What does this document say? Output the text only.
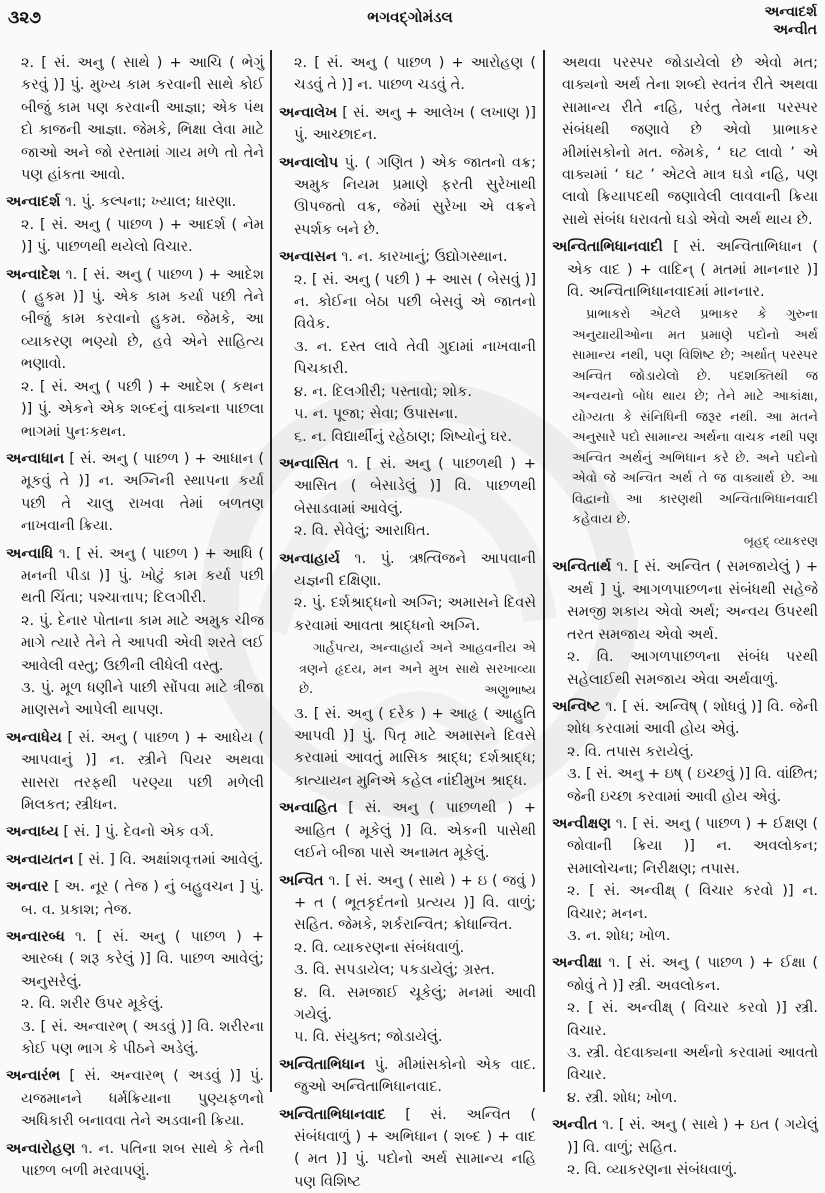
૩૨૭	ભગવદ્ગોમંડલ	અન્વાદર્શ
અન્વીત

૨. [ સં. અનુ ( સાથે ) + આચિ ( ભેગું કરવું )] પું. મુખ્ય કામ કરવાની સાથે કોઈ બીજું કામ પણ કરવાની આજ્ઞા; એક પંથ દો કાજની આજ્ઞા. જેમકે, ભિક્ષા લેવા માટે જાઓ અને જો રસ્તામાં ગાય મળે તો તેને પણ હાંકતા આવો.

અન્વાદર્શ ૧. પું. કલ્પના; ખ્યાલ; ધારણા.

૨. [ સં. અનુ ( પાછળ ) + આદર્શ ( નેમ )] પું. પાછળથી થયેલો વિચાર.

અન્વાદેશ ૧. [ સં. અનુ ( પાછળ ) + આદેશ ( હુકમ )] પું. એક કામ કર્યા પછી તેને બીજું કામ કરવાનો હુકમ. જેમકે, આ વ્યાકરણ ભણ્યો છે, હવે એને સાહિત્ય ભણાવો.

૨. [ સં. અનુ ( પછી ) + આદેશ ( કથન )] પું. એકને એક શબ્દનું વાક્યના પાછલા ભાગમાં પુનઃકથન.

અન્વાધાન [ સં. અનુ ( પાછળ ) + આધાન ( મૂકવું તે )] ન. અગ્નિની સ્થાપના કર્યા પછી તે ચાલુ રાખવા તેમાં બળતણ નાખવાની ક્રિયા.

અન્વાધિ ૧. [ સં. અનુ ( પાછળ ) + આધિ ( મનની પીડા )] પું. ખોટું કામ કર્યા પછી થતી ચિંતા; પશ્ચાત્તાપ; દિલગીરી.

૨. પું. દેનાર પોતાના કામ માટે અમુક ચીજ માગે ત્યારે તેને તે આપવી એવી શરતે લઈ આવેલી વસ્તુ; ઉછીની લીધેલી વસ્તુ.

૩. પું. મૂળ ધણીને પાછી સોંપવા માટે ત્રીજા માણસને આપેલી થાપણ.

અન્વાધેય [ સં. અનુ ( પાછળ ) + આધેય ( આપવાનું )] ન. સ્ત્રીને પિયર અથવા સાસરા તરફથી પરણ્યા પછી મળેલી મિલકત; સ્ત્રીધન.

અન્વાધ્ય [ સં. ] પું. દેવનો એક વર્ગ.

અન્વાયતન [ સં. ] વિ. અક્ષાંશવૃત્તમાં આવેલું.

અન્વાર [ અ. નૂર ( તેજ ) નું બહુવચન ] પું. બ. વ. પ્રકાશ; તેજ.

અન્વારબ્ધ ૧. [ સં. અનુ ( પાછળ ) + આરબ્ધ ( શરૂ કરેલું )] વિ. પાછળ આવેલું; અનુસરેલું.

૨. વિ. શરીર ઉપર મૂકેલું.

૩. [ સં. અન્વારભ્ ( અડવું )] વિ. શરીરના કોઈ પણ ભાગ કે પીઠને અડેલું.

અન્વારંભ [ સં. અન્વારભ્ ( અડવું )] પું. યજમાનને ધર્મક્રિયાના પુણ્યફળનો અધિકારી બનાવવા તેને અડવાની ક્રિયા.

અન્વારોહણ ૧. ન. પતિના શબ સાથે કે તેની પાછળ બળી મરવાપણું.

૨. [ સં. અનુ ( પાછળ ) + આરોહણ ( ચડવું તે )] ન. પાછળ ચડવું તે.

અન્વાલેખ [ સં. અનુ + આલેખ ( લખાણ )] પું. આચ્છાદન.

અન્વાલોપ પું. ( ગણિત ) એક જાતનો વક્ર; અમુક નિયમ પ્રમાણે ફરતી સુરેખાથી ઊપજતો વક્ર, જેમાં સુરેખા એ વક્રને સ્પર્શક બને છે.

અન્વાસન ૧. ન. કારખાનું; ઉદ્યોગસ્થાન.

૨. [ સં. અનુ ( પછી ) + આસ ( બેસવું )] ન. કોઈના બેઠા પછી બેસવું એ જાતનો વિવેક.

૩. ન. દસ્ત લાવે તેવી ગુદામાં નાખવાની પિચકારી.

૪. ન. દિલગીરી; પસ્તાવો; શોક.

૫. ન. પૂજા; સેવા; ઉપાસના.

૬. ન. વિદ્યાર્થીનું રહેઠાણ; શિષ્યોનું ઘર.

અન્વાસિત ૧. [ સં. અનુ ( પાછળથી ) + આસિત ( બેસાડેલું )] વિ. પાછળથી બેસાડવામાં આવેલું.

૨. વિ. સેવેલું; આરાધિત.

અન્વાહાર્ય ૧. પું. ઋત્વિજને આપવાની યજ્ઞની દક્ષિણા.

૨. પું. દર્શશ્રાદ્ધનો અગ્નિ; અમાસને દિવસે કરવામાં આવતા શ્રાદ્ધનો અગ્નિ.

ગાર્હપત્ય, અન્વાહાર્ય અને આહવનીય એ ત્રણને હૃદય, મન અને મુખ સાથે સરખાવ્યા છે.	અણુભાષ્ય

૩. [ સં. અનુ ( દરેક ) + આહૃ ( આહુતિ આપવી )] પું. પિતૃ માટે અમાસને દિવસે કરવામાં આવતું માસિક શ્રાદ્ધ; દર્શશ્રાદ્ધ; કાત્યાયન મુનિએ કહેલ નાંદીમુખ શ્રાદ્ધ.

અન્વાહિત [ સં. અનુ ( પાછળથી ) + આહિત ( મૂકેલું )] વિ. એકની પાસેથી લઈને બીજા પાસે અનામત મૂકેલું.

અન્વિત ૧. [ સં. અનુ ( સાથે ) + ઇ ( જવું ) + ત ( ભૂતકૃદંતનો પ્રત્યય )] વિ. વાળું; સહિત. જેમકે, શર્કરાન્વિત; ક્રોધાન્વિત.

૨. વિ. વ્યાકરણના સંબંધવાળું.

૩. વિ. સપડાયેલ; પકડાયેલું; ગ્રસ્ત.

૪. વિ. સમજાઈ ચૂકેલું; મનમાં આવી ગયેલું.

૫. વિ. સંયુક્ત; જોડાયેલું.

અન્વિતાભિધાન પું. મીમાંસકોનો એક વાદ. જુઓ અન્વિતાભિધાનવાદ.

અન્વિતાભિધાનવાદ [ સં. અન્વિત ( સંબંધવાળું ) + અભિધાન ( શબ્દ ) + વાદ ( મત )] પું. પદોનો અર્થ સામાન્ય નહિ પણ વિશિષ્ટ

અથવા પરસ્પર જોડાયેલો છે એવો મત; વાક્યનો અર્થ તેના શબ્દો સ્વતંત્ર રીતે અથવા સામાન્ય રીતે નહિ, પરંતુ તેમના પરસ્પર સંબંધથી જણાવે છે એવો પ્રાભાકર મીમાંસકોનો મત. જેમકે, ‘ ઘટ લાવો ’ એ વાક્યમાં ‘ ઘટ ’ એટલે માત્ર ઘડો નહિ, પણ લાવો ક્રિયાપદથી જણાવેલી લાવવાની ક્રિયા સાથે સંબંધ ધરાવતો ઘડો એવો અર્થ થાય છે.

અન્વિતાભિધાનવાદી [ સં. અન્વિતાભિધાન ( એક વાદ ) + વાદિન્ ( મતમાં માનનાર )] વિ. અન્વિતાભિધાનવાદમાં માનનાર.

પ્રાભાકરો એટલે પ્રભાકર કે ગુરુના અનુયાયીઓના મત પ્રમાણે પદોનો અર્થ સામાન્ય નથી, પણ વિશિષ્ટ છે; અર્થાત્ પરસ્પર અન્વિત જોડાયેલો છે. પદશક્તિથી જ અન્વયનો બોધ થાય છે; તેને માટે આકાંક્ષા, યોગ્યતા કે સંનિધિની જરૂર નથી. આ મતને અનુસારે પદો સામાન્ય અર્થના વાચક નથી પણ અન્વિત અર્થનું અભિધાન કરે છે. અને પદોનો એવો જે અન્વિત અર્થ તે જ વાક્યાર્થ છે. આ વિદ્વાનો આ કારણથી અન્વિતાભિધાનવાદી કહેવાય છે.
બૃહદ્ વ્યાકરણ

અન્વિતાર્થ ૧. [ સં. અન્વિત ( સમજાયેલું ) + અર્થ ] પું. આગળપાછળના સંબંધથી સહેજે સમજી શકાય એવો અર્થ; અન્વય ઉપરથી તરત સમજાય એવો અર્થ.

૨. વિ. આગળપાછળના સંબંધ પરથી સહેલાઈથી સમજાય એવા અર્થવાળું.

અન્વિષ્ટ ૧. [ સં. અન્વિષ્ ( શોધવું )] વિ. જેની શોધ કરવામાં આવી હોય એવું.

૨. વિ. તપાસ કરાયેલું.

૩. [ સં. અનુ + ઇષ્ ( ઇચ્છવું )] વિ. વાંછિત; જેની ઇચ્છા કરવામાં આવી હોય એવું.

અન્વીક્ષણ ૧. [ સં. અનુ ( પાછળ ) + ઈક્ષણ ( જોવાની ક્રિયા )] ન. અવલોકન; સમાલોચના; નિરીક્ષણ; તપાસ.

૨. [ સં. અન્વીક્ષ્ ( વિચાર કરવો )] ન. વિચાર; મનન.

૩. ન. શોધ; ખોળ.

અન્વીક્ષા ૧. [ સં. અનુ ( પાછળ ) + ઈક્ષા ( જોવું તે )] સ્ત્રી. અવલોકન.

૨. [ સં. અન્વીક્ષ્ ( વિચાર કરવો )] સ્ત્રી. વિચાર.

૩. સ્ત્રી. વેદવાક્યના અર્થનો કરવામાં આવતો વિચાર.

૪. સ્ત્રી. શોધ; ખોળ.

અન્વીત ૧. [ સં. અનુ ( સાથે ) + ઇત ( ગયેલું )] વિ. વાળું; સહિત.

૨. વિ. વ્યાકરણના સંબંધવાળું.
